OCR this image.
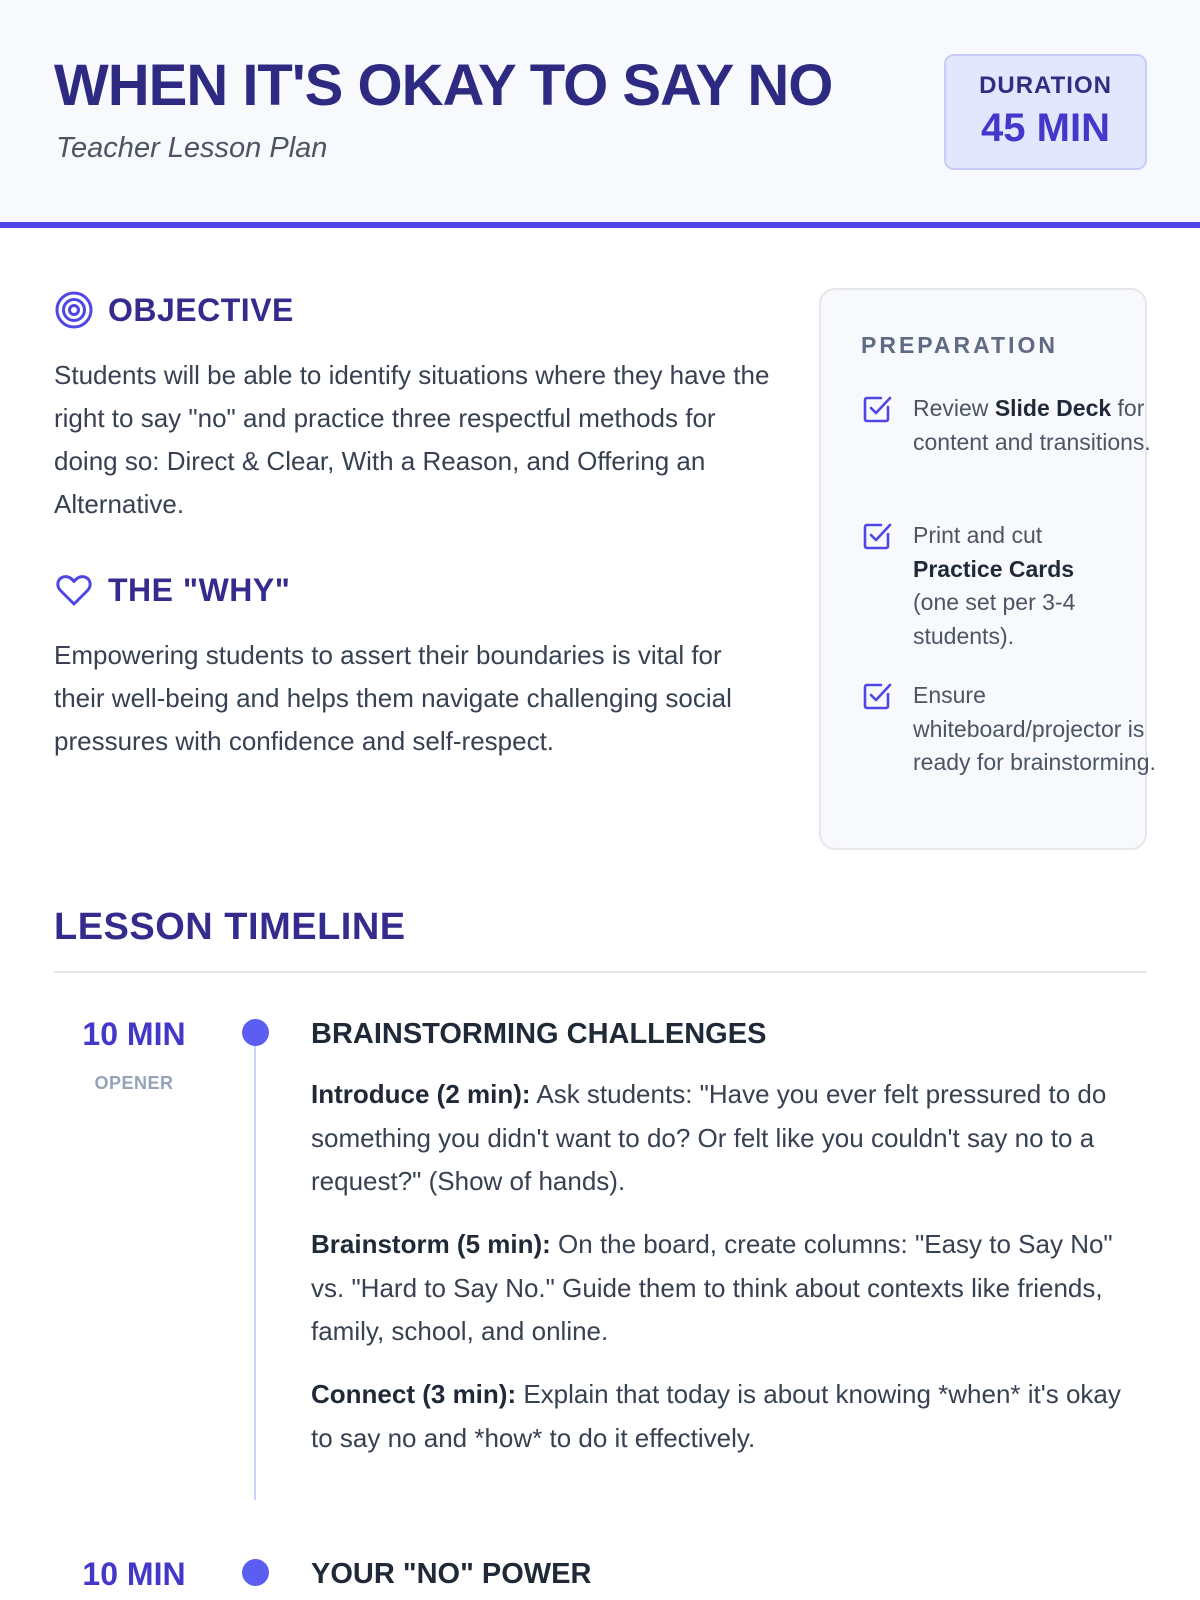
WHEN IT'S OKAY TO SAY NO
Teacher Lesson Plan
DURATION
45 MIN
OBJECTIVE
Students will be able to identify situations where they have the right to say "no" and practice three respectful methods for doing so: Direct & Clear, With a Reason, and Offering an Alternative.
THE "WHY"
Empowering students to assert their boundaries is vital for their well-being and helps them navigate challenging social pressures with confidence and self-respect.
PREPARATION
Review Slide Deck for content and transitions.
Print and cut
Practice Cards
(one set per 3-4 students).
Ensure whiteboard/projector is ready for brainstorming.
LESSON TIMELINE
10 MIN
OPENER
BRAINSTORMING CHALLENGES
Introduce (2 min): Ask students: "Have you ever felt pressured to do something you didn't want to do? Or felt like you couldn't say no to a request?" (Show of hands).
Brainstorm (5 min): On the board, create columns: "Easy to Say No" vs. "Hard to Say No." Guide them to think about contexts like friends, family, school, and online.
Connect (3 min): Explain that today is about knowing *when* it's okay to say no and *how* to do it effectively.
10 MIN	YOUR "NO" POWER
